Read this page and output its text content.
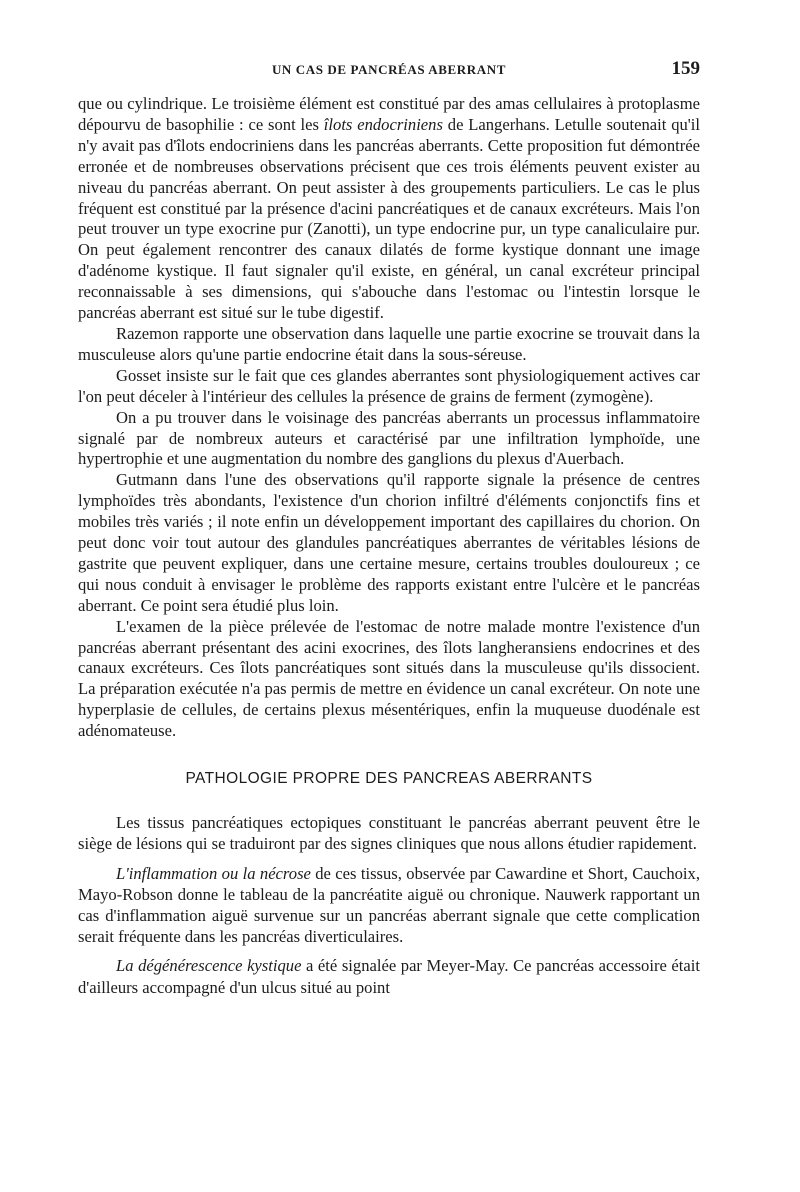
UN CAS DE PANCRÉAS ABERRANT	159

que ou cylindrique. Le troisième élément est constitué par des amas cellulaires à protoplasme dépourvu de basophilie : ce sont les îlots endocriniens de Langerhans. Letulle soutenait qu'il n'y avait pas d'îlots endocriniens dans les pancréas aberrants. Cette proposition fut démontrée erronée et de nombreuses observations précisent que ces trois éléments peuvent exister au niveau du pancréas aberrant. On peut assister à des groupements particuliers. Le cas le plus fréquent est constitué par la présence d'acini pancréatiques et de canaux excréteurs. Mais l'on peut trouver un type exocrine pur (Zanotti), un type endocrine pur, un type canaliculaire pur. On peut également rencontrer des canaux dilatés de forme kystique donnant une image d'adénome kystique. Il faut signaler qu'il existe, en général, un canal excréteur principal reconnaissable à ses dimensions, qui s'abouche dans l'estomac ou l'intestin lorsque le pancréas aberrant est situé sur le tube digestif.

Razemon rapporte une observation dans laquelle une partie exocrine se trouvait dans la musculeuse alors qu'une partie endocrine était dans la sous-séreuse.

Gosset insiste sur le fait que ces glandes aberrantes sont physiologiquement actives car l'on peut déceler à l'intérieur des cellules la présence de grains de ferment (zymogène).

On a pu trouver dans le voisinage des pancréas aberrants un processus inflammatoire signalé par de nombreux auteurs et caractérisé par une infiltration lymphoïde, une hypertrophie et une augmentation du nombre des ganglions du plexus d'Auerbach.

Gutmann dans l'une des observations qu'il rapporte signale la présence de centres lymphoïdes très abondants, l'existence d'un chorion infiltré d'éléments conjonctifs fins et mobiles très variés ; il note enfin un développement important des capillaires du chorion. On peut donc voir tout autour des glandules pancréatiques aberrantes de véritables lésions de gastrite que peuvent expliquer, dans une certaine mesure, certains troubles douloureux ; ce qui nous conduit à envisager le problème des rapports existant entre l'ulcère et le pancréas aberrant. Ce point sera étudié plus loin.

L'examen de la pièce prélevée de l'estomac de notre malade montre l'existence d'un pancréas aberrant présentant des acini exocrines, des îlots langheransiens endocrines et des canaux excréteurs. Ces îlots pancréatiques sont situés dans la musculeuse qu'ils dissocient. La préparation exécutée n'a pas permis de mettre en évidence un canal excréteur. On note une hyperplasie de cellules, de certains plexus mésentériques, enfin la muqueuse duodénale est adénomateuse.

PATHOLOGIE PROPRE DES PANCREAS ABERRANTS

Les tissus pancréatiques ectopiques constituant le pancréas aberrant peuvent être le siège de lésions qui se traduiront par des signes cliniques que nous allons étudier rapidement.

L'inflammation ou la nécrose de ces tissus, observée par Cawardine et Short, Cauchoix, Mayo-Robson donne le tableau de la pancréatite aiguë ou chronique. Nauwerk rapportant un cas d'inflammation aiguë survenue sur un pancréas aberrant signale que cette complication serait fréquente dans les pancréas diverticulaires.

La dégénérescence kystique a été signalée par Meyer-May. Ce pancréas accessoire était d'ailleurs accompagné d'un ulcus situé au point
